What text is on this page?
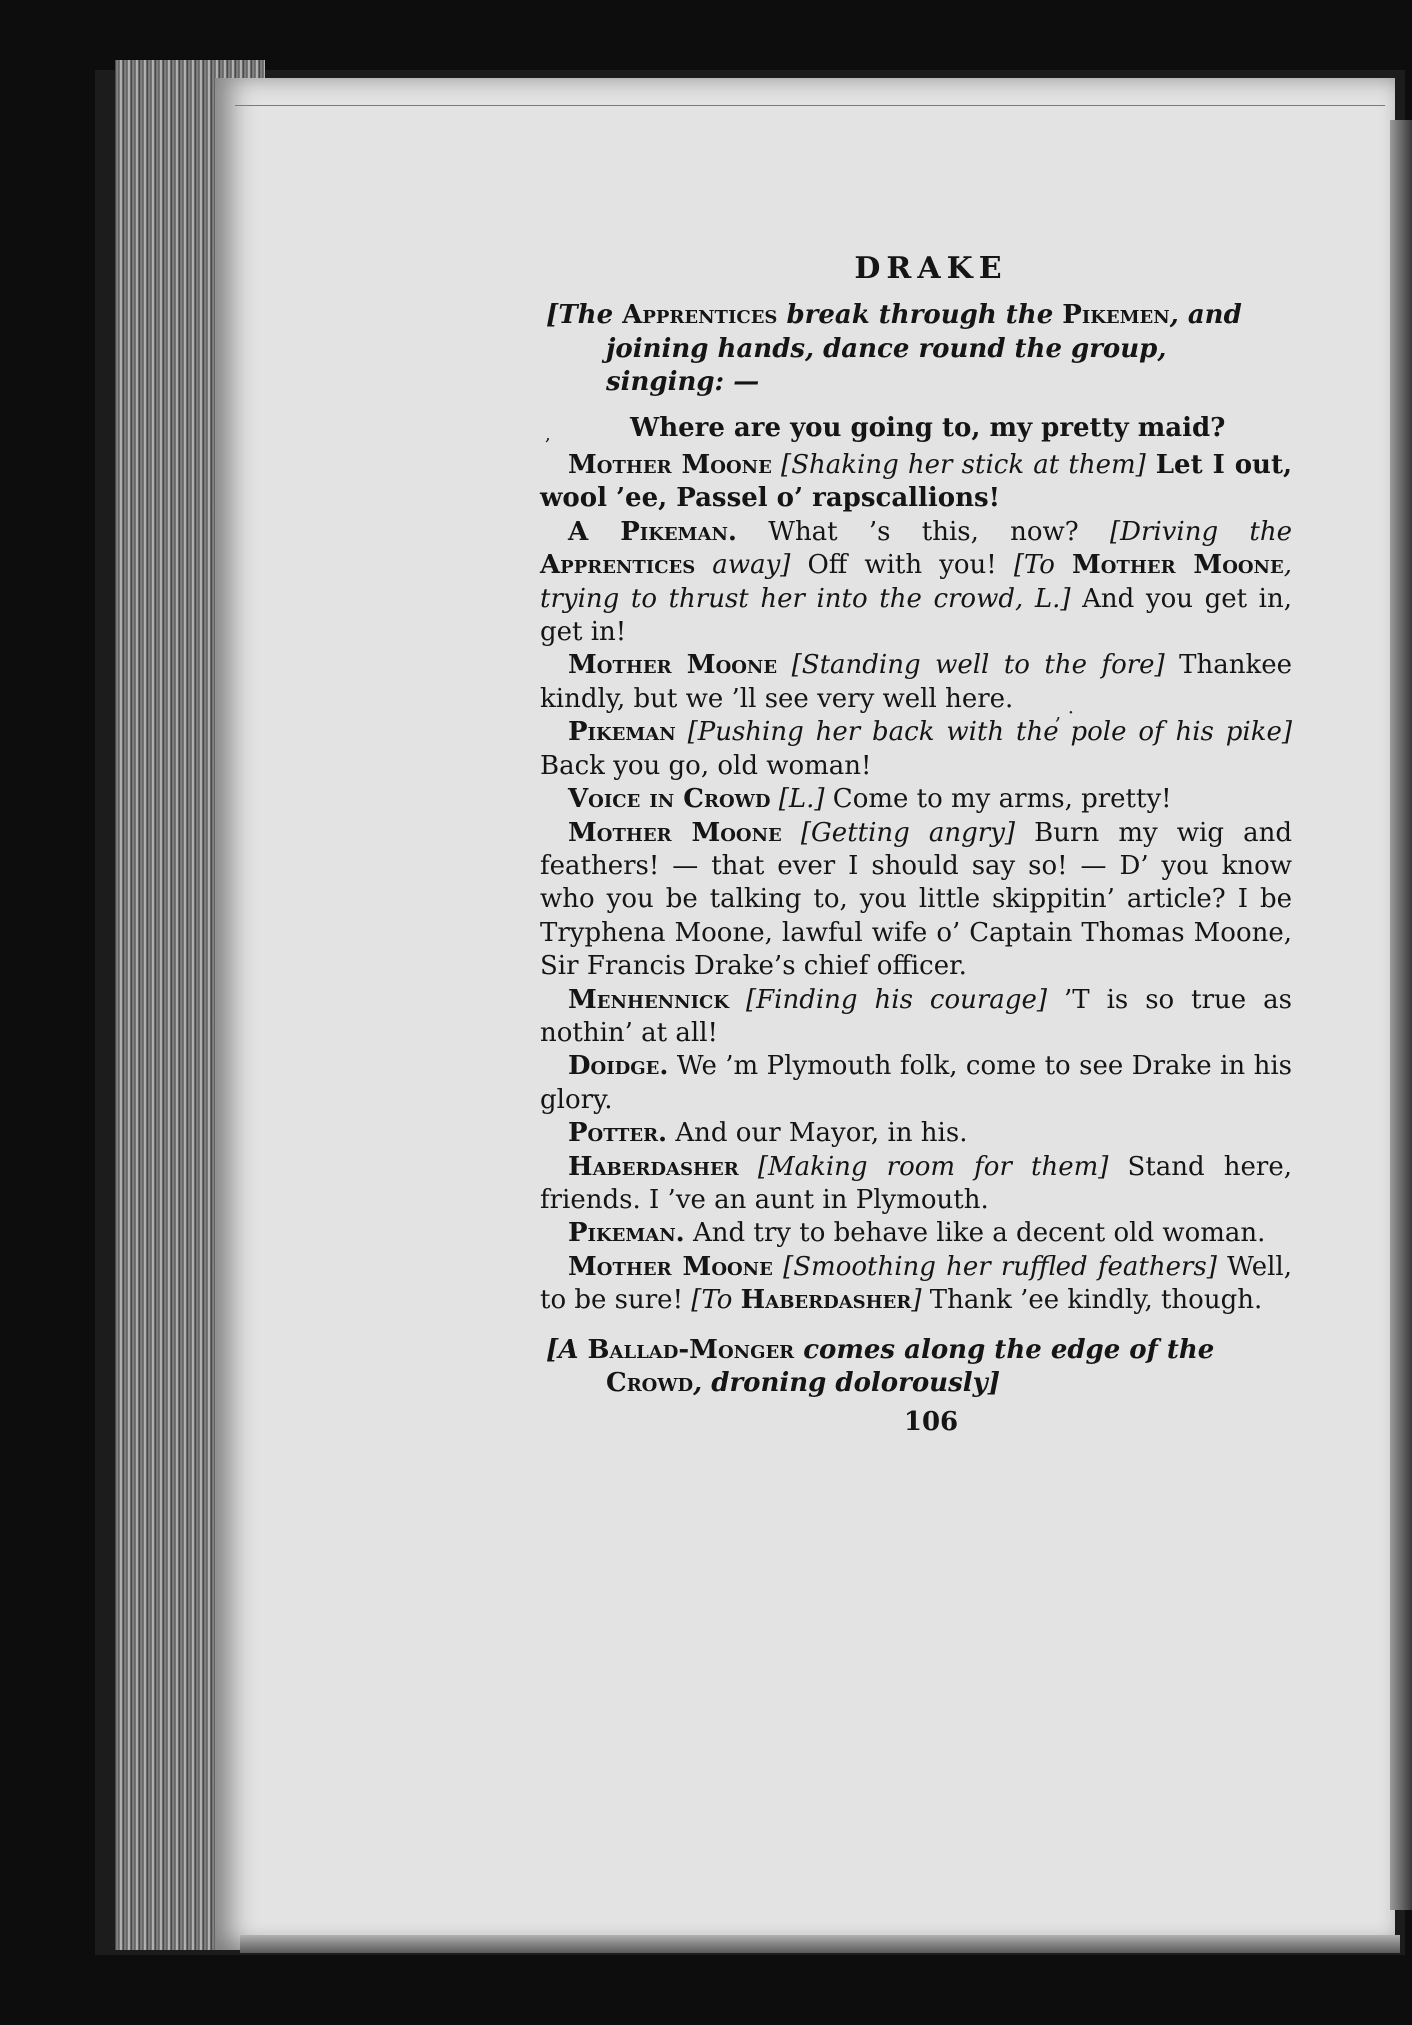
DRAKE

[The Apprentices break through the Pikemen, and joining hands, dance round the group, singing: —

,	Where are you going to, my pretty maid?

Mother Moone [Shaking her stick at them] Let I out, wool ’ee, Passel o’ rapscallions!

A Pikeman. What ’s this, now? [Driving the Apprentices away] Off with you! [To Mother Moone, trying to thrust her into the crowd, L.] And you get in, get in!

Mother Moone [Standing well to the fore] Thankee kindly, but we ’ll see very well here.

Pikeman [Pushing her back with the pole of his pike] Back you go, old woman!

Voice in Crowd [L.] Come to my arms, pretty!

Mother Moone [Getting angry] Burn my wig and feathers! — that ever I should say so! — D’ you know who you be talking to, you little skippitin’ article? I be Tryphena Moone, lawful wife o’ Captain Thomas Moone, Sir Francis Drake’s chief officer.

Menhennick [Finding his courage] ’T is so true as nothin’ at all!

Doidge. We ’m Plymouth folk, come to see Drake in his glory.

Potter. And our Mayor, in his.

Haberdasher [Making room for them] Stand here, friends. I ’ve an aunt in Plymouth.

Pikeman. And try to behave like a decent old woman.

Mother Moone [Smoothing her ruffled feathers] Well, to be sure! [To Haberdasher] Thank ’ee kindly, though.

[A Ballad-Monger comes along the edge of the Crowd, droning dolorously]

106
, ·
